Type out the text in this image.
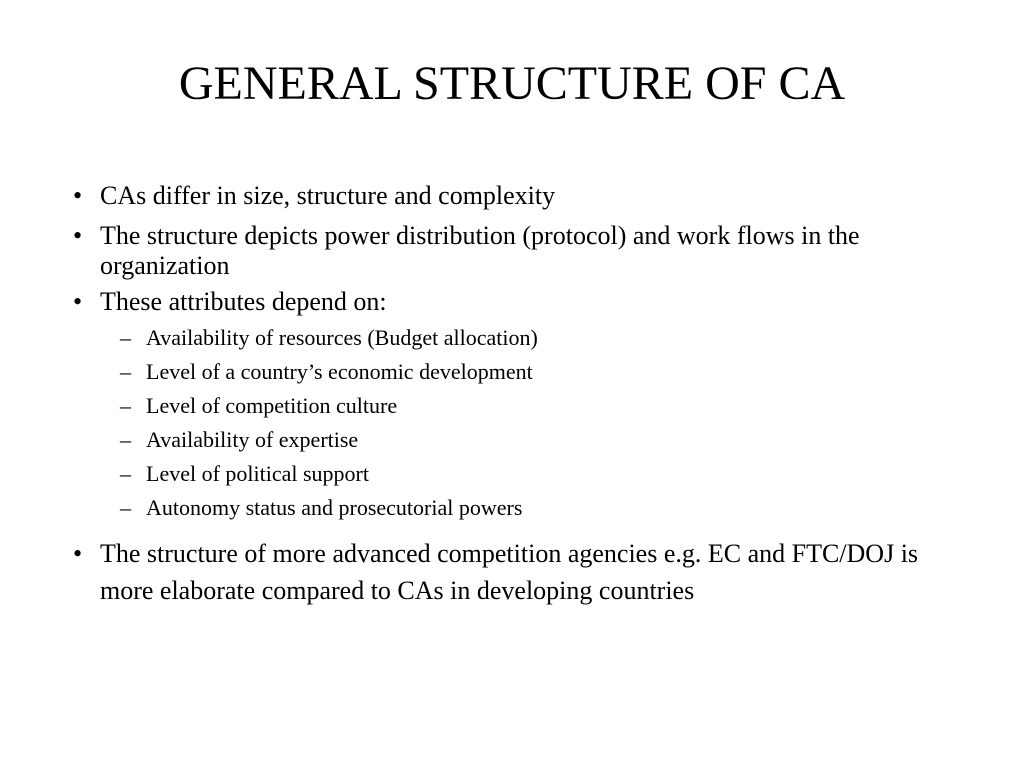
GENERAL STRUCTURE OF CA
• CAs differ in size, structure and complexity
• The structure depicts power distribution (protocol) and work flows in the organization
• These attributes depend on:
– Availability of resources (Budget allocation)
– Level of a country’s economic development
– Level of competition culture
– Availability of expertise
– Level of political support
– Autonomy status and prosecutorial powers
• The structure of more advanced competition agencies e.g. EC and FTC/DOJ is more elaborate compared to CAs in developing countries
